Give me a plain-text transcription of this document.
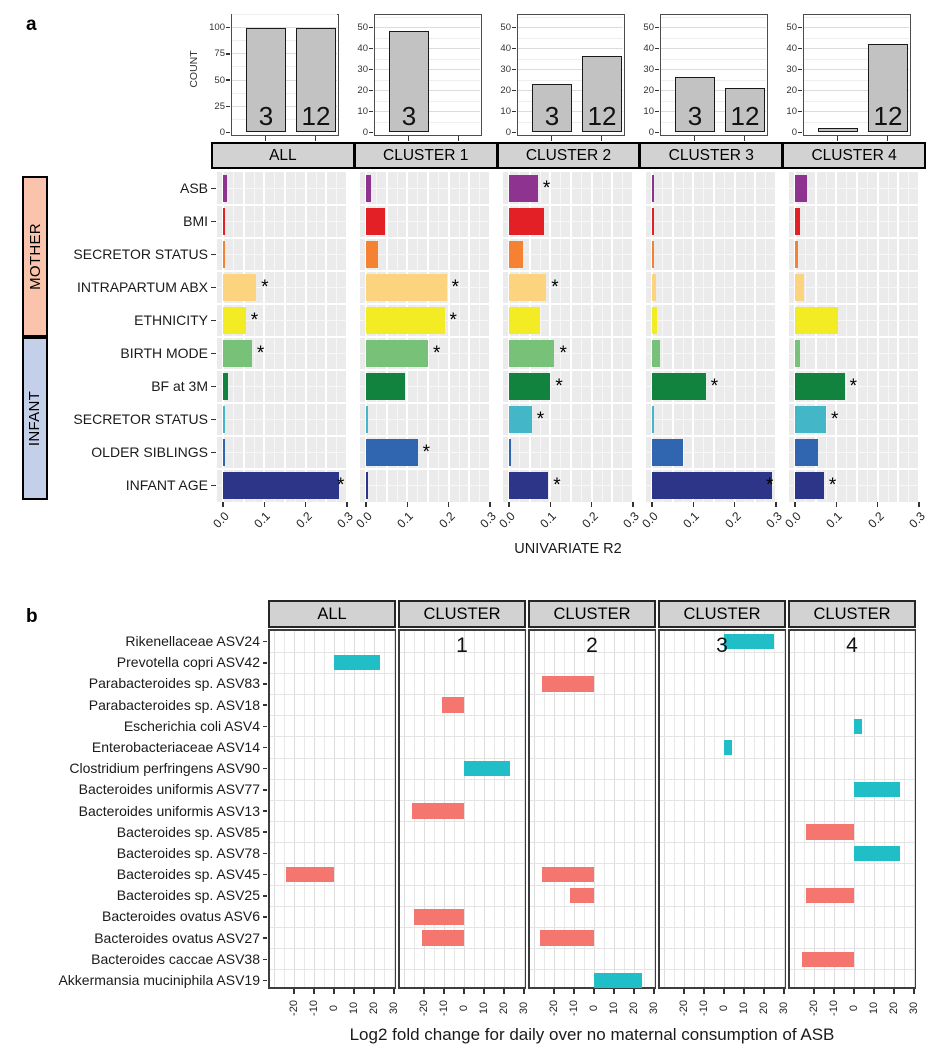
a
b
COUNT
UNIVARIATE R2
Log2 fold change for daily over no maternal consumption of ASB
3	12
0
25
50
75
100
3
0
10
20
30
40
50
3	12
0
10
20
30
40
50
3	12
0
10
20
30
40
50
12
0
10
20
30
40
50
ALL	CLUSTER 1	CLUSTER 2	CLUSTER 3	CLUSTER 4
*
*
*
*
0.0	0.1	0.2	0.3
*
*
*
*
0.0	0.1	0.2	0.3
*
*
*
*
*
*
0.0	0.1	0.2	0.3
*
*
0.0	0.1	0.2	0.3
*
*
*
0.0	0.1	0.2	0.3
ASB
BMI
SECRETOR STATUS
INTRAPARTUM ABX
ETHNICITY
BIRTH MODE
BF at 3M
SECRETOR STATUS
OLDER SIBLINGS
INFANT AGE
MOTHER
INFANT
ALL
-20 -10 0 10 20 30
CLUSTER
-20 -10 0 10 20 30
CLUSTER
-20 -10 0 10 20 30
CLUSTER
-20 -10 0 10 20 30
CLUSTER
-20 -10 0 10 20 30
Rikenellaceae ASV24
Prevotella copri ASV42
Parabacteroides sp. ASV83
Parabacteroides sp. ASV18
Escherichia coli ASV4
Enterobacteriaceae ASV14
Clostridium perfringens ASV90
Bacteroides uniformis ASV77
Bacteroides uniformis ASV13
Bacteroides sp. ASV85
Bacteroides sp. ASV78
Bacteroides sp. ASV45
Bacteroides sp. ASV25
Bacteroides ovatus ASV6
Bacteroides ovatus ASV27
Bacteroides caccae ASV38
Akkermansia muciniphila ASV19
1	2	3	4
